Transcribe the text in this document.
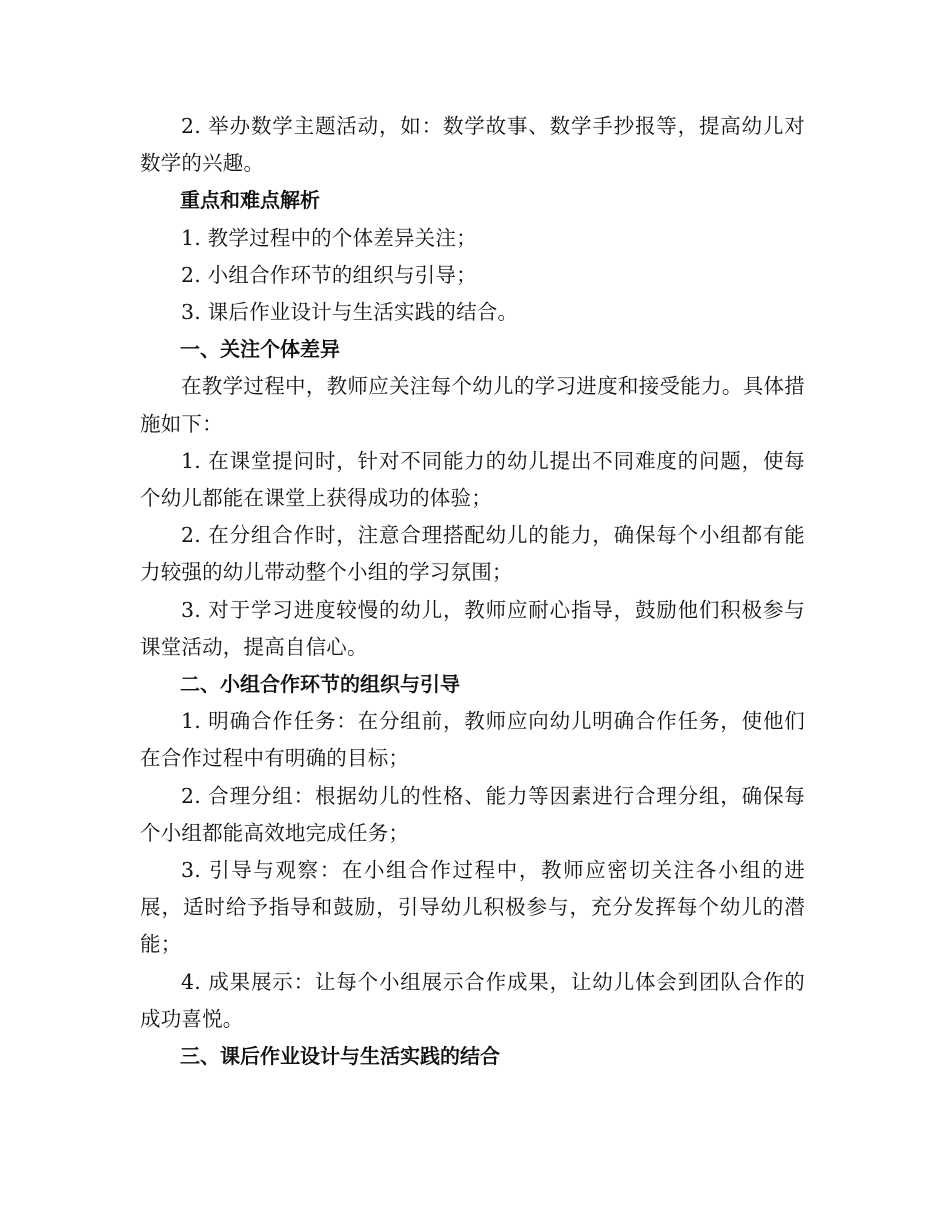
2. 举办数学主题活动，如：数学故事、数学手抄报等，提高幼儿对数学的兴趣。

重点和难点解析

1. 教学过程中的个体差异关注；

2. 小组合作环节的组织与引导；

3. 课后作业设计与生活实践的结合。

一、关注个体差异

在教学过程中，教师应关注每个幼儿的学习进度和接受能力。具体措施如下：

1. 在课堂提问时，针对不同能力的幼儿提出不同难度的问题，使每个幼儿都能在课堂上获得成功的体验；

2. 在分组合作时，注意合理搭配幼儿的能力，确保每个小组都有能力较强的幼儿带动整个小组的学习氛围；

3. 对于学习进度较慢的幼儿，教师应耐心指导，鼓励他们积极参与课堂活动，提高自信心。

二、小组合作环节的组织与引导

1. 明确合作任务：在分组前，教师应向幼儿明确合作任务，使他们在合作过程中有明确的目标；

2. 合理分组：根据幼儿的性格、能力等因素进行合理分组，确保每个小组都能高效地完成任务；

3. 引导与观察：在小组合作过程中，教师应密切关注各小组的进展，适时给予指导和鼓励，引导幼儿积极参与，充分发挥每个幼儿的潜能；

4. 成果展示：让每个小组展示合作成果，让幼儿体会到团队合作的成功喜悦。

三、课后作业设计与生活实践的结合
